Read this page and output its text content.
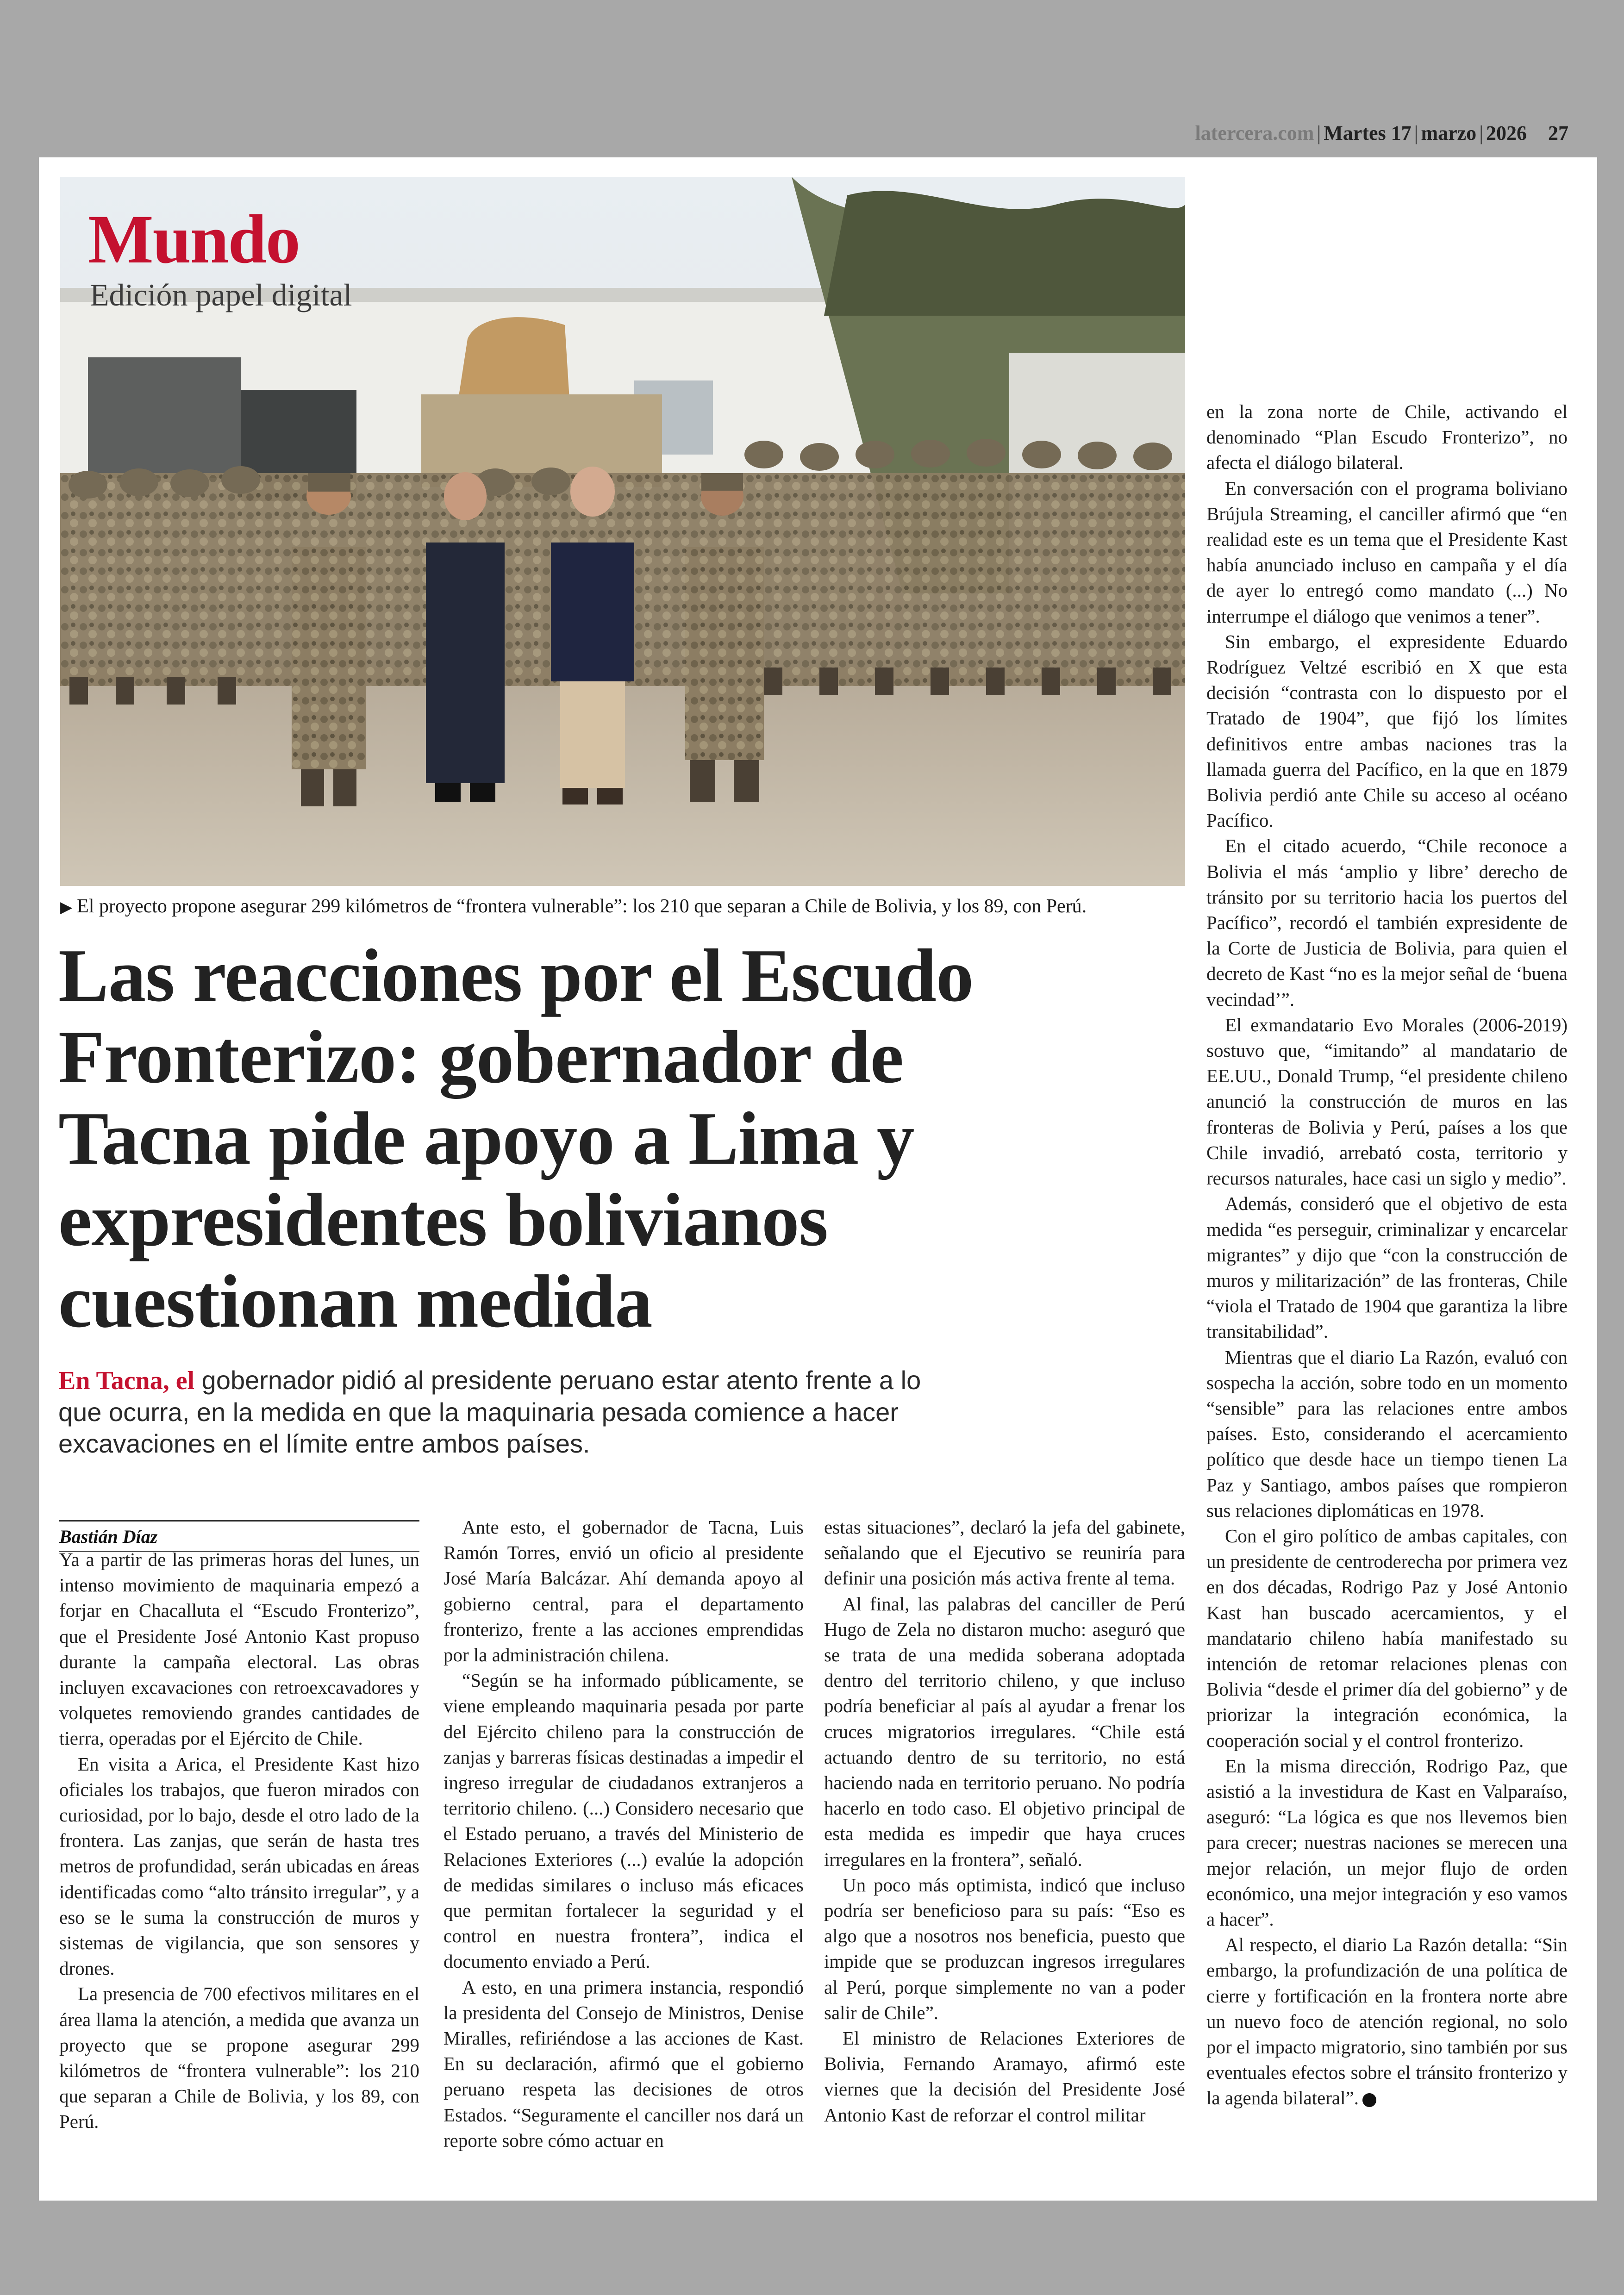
latercera.com | Martes 17 | marzo | 2026 27
Mundo
Edición papel digital
▶ El proyecto propone asegurar 299 kilómetros de “frontera vulnerable”: los 210 que separan a Chile de Bolivia, y los 89, con Perú.
Las reacciones por el Escudo
Fronterizo: gobernador de
Tacna pide apoyo a Lima y
expresidentes bolivianos
cuestionan medida
En Tacna, el gobernador pidió al presidente peruano estar atento frente a lo
que ocurra, en la medida en que la maquinaria pesada comience a hacer
excavaciones en el límite entre ambos países.
Bastián Díaz

Ya a partir de las primeras horas del lunes, un intenso movimiento de maquinaria empezó a forjar en Chacalluta el “Escudo Fronterizo”, que el Presidente José Antonio Kast propuso durante la campaña electoral. Las obras incluyen excavaciones con retroexcavadores y volquetes removiendo grandes cantidades de tierra, operadas por el Ejército de Chile.

En visita a Arica, el Presidente Kast hizo oficiales los trabajos, que fueron mirados con curiosidad, por lo bajo, desde el otro lado de la frontera. Las zanjas, que serán de hasta tres metros de profundidad, serán ubicadas en áreas identificadas como “alto tránsito irregular”, y a eso se le suma la construcción de muros y sistemas de vigilancia, que son sensores y drones.

La presencia de 700 efectivos militares en el área llama la atención, a medida que avanza un proyecto que se propone asegurar 299 kilómetros de “frontera vulnerable”: los 210 que separan a Chile de Bolivia, y los 89, con Perú.

Ante esto, el gobernador de Tacna, Luis Ramón Torres, envió un oficio al presidente José María Balcázar. Ahí demanda apoyo al gobierno central, para el departamento fronterizo, frente a las acciones emprendidas por la administración chilena.

“Según se ha informado públicamente, se viene empleando maquinaria pesada por parte del Ejército chileno para la construcción de zanjas y barreras físicas destinadas a impedir el ingreso irregular de ciudadanos extranjeros a territorio chileno. (...) Considero necesario que el Estado peruano, a través del Ministerio de Relaciones Exteriores (...) evalúe la adopción de medidas similares o incluso más eficaces que permitan fortalecer la seguridad y el control en nuestra frontera”, indica el documento enviado a Perú.

A esto, en una primera instancia, respondió la presidenta del Consejo de Ministros, Denise Miralles, refiriéndose a las acciones de Kast. En su declaración, afirmó que el gobierno peruano respeta las decisiones de otros Estados. “Seguramente el canciller nos dará un reporte sobre cómo actuar en

estas situaciones”, declaró la jefa del gabinete, señalando que el Ejecutivo se reuniría para definir una posición más activa frente al tema.

Al final, las palabras del canciller de Perú Hugo de Zela no distaron mucho: aseguró que se trata de una medida soberana adoptada dentro del territorio chileno, y que incluso podría beneficiar al país al ayudar a frenar los cruces migratorios irregulares. “Chile está actuando dentro de su territorio, no está haciendo nada en territorio peruano. No podría hacerlo en todo caso. El objetivo principal de esta medida es impedir que haya cruces irregulares en la frontera”, señaló.

Un poco más optimista, indicó que incluso podría ser beneficioso para su país: “Eso es algo que a nosotros nos beneficia, puesto que impide que se produzcan ingresos irregulares al Perú, porque simplemente no van a poder salir de Chile”.

El ministro de Relaciones Exteriores de Bolivia, Fernando Aramayo, afirmó este viernes que la decisión del Presidente José Antonio Kast de reforzar el control militar

en la zona norte de Chile, activando el denominado “Plan Escudo Fronterizo”, no afecta el diálogo bilateral.

En conversación con el programa boliviano Brújula Streaming, el canciller afirmó que “en realidad este es un tema que el Presidente Kast había anunciado incluso en campaña y el día de ayer lo entregó como mandato (...) No interrumpe el diálogo que venimos a tener”.

Sin embargo, el expresidente Eduardo Rodríguez Veltzé escribió en X que esta decisión “contrasta con lo dispuesto por el Tratado de 1904”, que fijó los límites definitivos entre ambas naciones tras la llamada guerra del Pacífico, en la que en 1879 Bolivia perdió ante Chile su acceso al océano Pacífico.

En el citado acuerdo, “Chile reconoce a Bolivia el más ‘amplio y libre’ derecho de tránsito por su territorio hacia los puertos del Pacífico”, recordó el también expresidente de la Corte de Justicia de Bolivia, para quien el decreto de Kast “no es la mejor señal de ‘buena vecindad’”.

El exmandatario Evo Morales (2006-2019) sostuvo que, “imitando” al mandatario de EE.UU., Donald Trump, “el presidente chileno anunció la construcción de muros en las fronteras de Bolivia y Perú, países a los que Chile invadió, arrebató costa, territorio y recursos naturales, hace casi un siglo y medio”.

Además, consideró que el objetivo de esta medida “es perseguir, criminalizar y encarcelar migrantes” y dijo que “con la construcción de muros y militarización” de las fronteras, Chile “viola el Tratado de 1904 que garantiza la libre transitabilidad”.

Mientras que el diario La Razón, evaluó con sospecha la acción, sobre todo en un momento “sensible” para las relaciones entre ambos países. Esto, considerando el acercamiento político que desde hace un tiempo tienen La Paz y Santiago, ambos países que rompieron sus relaciones diplomáticas en 1978.

Con el giro político de ambas capitales, con un presidente de centroderecha por primera vez en dos décadas, Rodrigo Paz y José Antonio Kast han buscado acercamientos, y el mandatario chileno había manifestado su intención de retomar relaciones plenas con Bolivia “desde el primer día del gobierno” y de priorizar la integración económica, la cooperación social y el control fronterizo.

En la misma dirección, Rodrigo Paz, que asistió a la investidura de Kast en Valparaíso, aseguró: “La lógica es que nos llevemos bien para crecer; nuestras naciones se merecen una mejor relación, un mejor flujo de orden económico, una mejor integración y eso vamos a hacer”.

Al respecto, el diario La Razón detalla: “Sin embargo, la profundización de una política de cierre y fortificación en la frontera norte abre un nuevo foco de atención regional, no solo por el impacto migratorio, sino también por sus eventuales efectos sobre el tránsito fronterizo y la agenda bilateral”.
